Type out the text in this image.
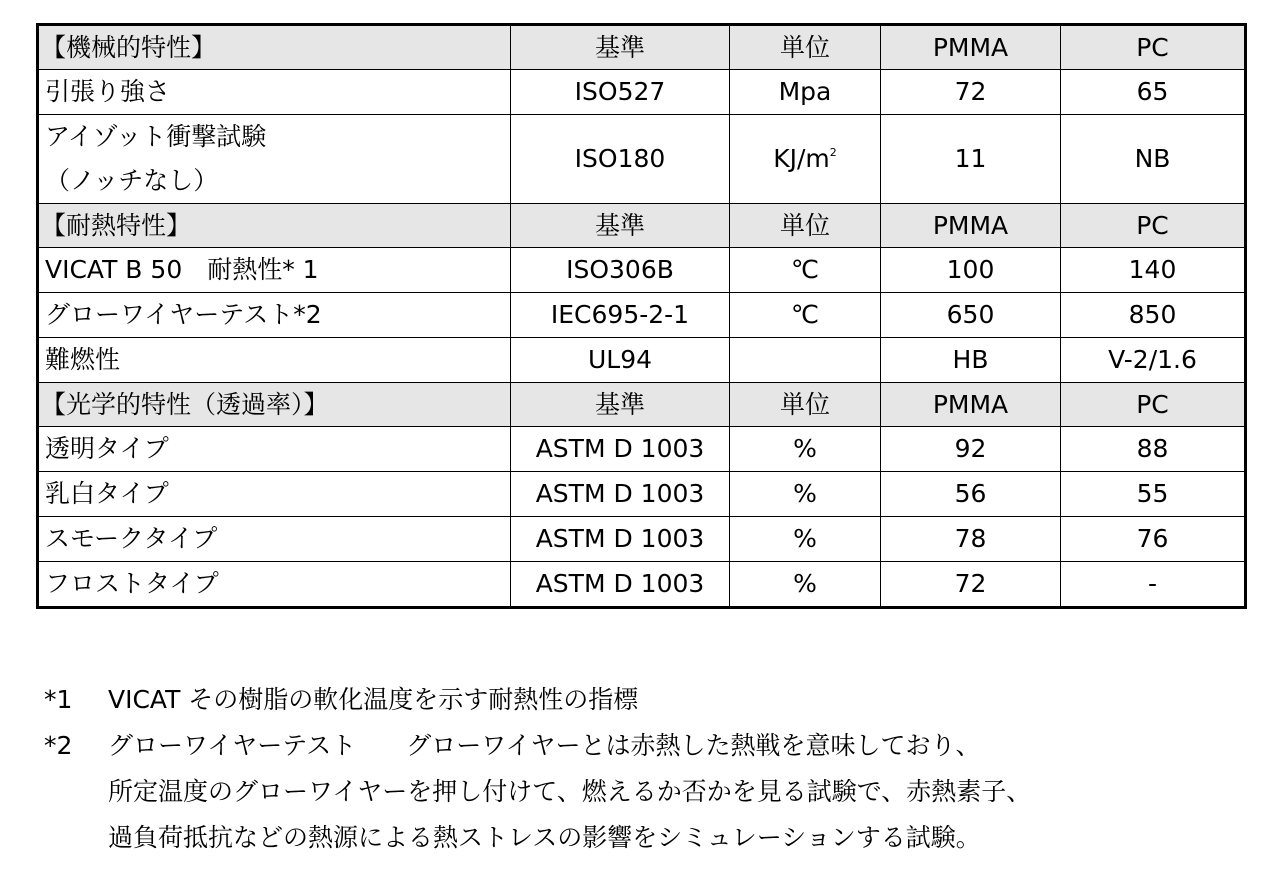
【機械的特性】	基準	単位	PMMA	PC

引張り強さ	ISO527	Mpa	72	65

アイゾット衝撃試験
（ノッチなし）	ISO180	$KJ/m^2$	11	NB
【耐熱特性】	基準	単位	PMMA	PC

VICAT B 50　耐熱性* 1	ISO306B	℃	100	140

グローワイヤーテスト*2	IEC695-2-1	℃	650	850

難燃性	UL94		HB	V-2/1.6
【光学的特性（透過率）】	基準	単位	PMMA	PC

透明タイプ	ASTM D 1003	%	92	88

乳白タイプ	ASTM D 1003	%	56	55

スモークタイプ	ASTM D 1003	%	78	76

フロストタイプ	ASTM D 1003	%	72	-
*1	VICAT その樹脂の軟化温度を示す耐熱性の指標
*2	グローワイヤーテスト　　グローワイヤーとは赤熱した熱戦を意味しており、
所定温度のグローワイヤーを押し付けて、燃えるか否かを見る試験で、赤熱素子、
過負荷抵抗などの熱源による熱ストレスの影響をシミュレーションする試験。
